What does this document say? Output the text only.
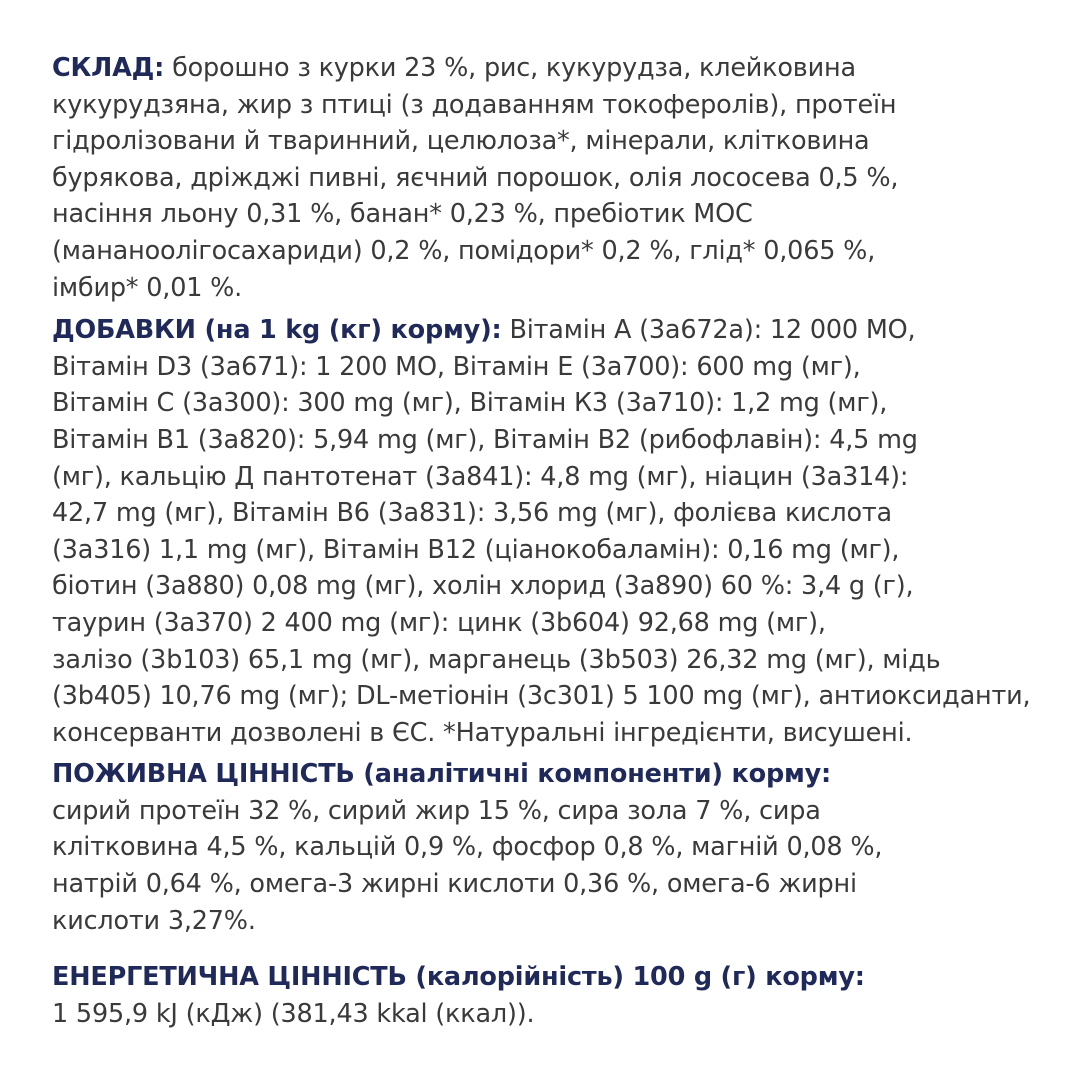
СКЛАД: борошно з курки 23 %, рис, кукурудза, клейковина
кукурудзяна, жир з птиці (з додаванням токоферолів), протеїн
гідролізовани й тваринний, целюлоза*, мінерали, клітковина
бурякова, дріжджі пивні, яєчний порошок, олія лососева 0,5 %,
насіння льону 0,31 %, банан* 0,23 %, пребіотик МОС
(мананоолігосахариди) 0,2 %, помідори* 0,2 %, глід* 0,065 %,
імбир* 0,01 %.
ДОБАВКИ (на 1 kg (кг) корму): Вітамін A (3a672a): 12 000 МО,
Вітамін D3 (3a671): 1 200 МО, Вітамін E (3a700): 600 mg (мг),
Вітамін C (3a300): 300 mg (мг), Вітамін К3 (3a710): 1,2 mg (мг),
Вітамін B1 (3a820): 5,94 mg (мг), Вітамін B2 (рибофлавін): 4,5 mg
(мг), кальцію Д пантотенат (3a841): 4,8 mg (мг), ніацин (3a314):
42,7 mg (мг), Вітамін B6 (3a831): 3,56 mg (мг), фолієва кислота
(3a316) 1,1 mg (мг), Вітамін B12 (ціанокобаламін): 0,16 mg (мг),
біотин (3a880) 0,08 mg (мг), холін хлорид (3a890) 60 %: 3,4 g (г),
таурин (3a370) 2 400 mg (мг): цинк (3b604) 92,68 mg (мг),
залізо (3b103) 65,1 mg (мг), марганець (3b503) 26,32 mg (мг), мідь
(3b405) 10,76 mg (мг); DL-метіонін (3c301) 5 100 mg (мг), антиоксиданти,
консерванти дозволені в ЄС. *Натуральні інгредієнти, висушені.
ПОЖИВНА ЦІННІСТЬ (аналітичні компоненти) корму:
сирий протеїн 32 %, сирий жир 15 %, сира зола 7 %, сира
клітковина 4,5 %, кальцій 0,9 %, фосфор 0,8 %, магній 0,08 %,
натрій 0,64 %, омега-3 жирні кислоти 0,36 %, омега-6 жирні
кислоти 3,27%.
ЕНЕРГЕТИЧНА ЦІННІСТЬ (калорійність) 100 g (г) корму:
1 595,9 kJ (кДж) (381,43 kkal (ккал)).
